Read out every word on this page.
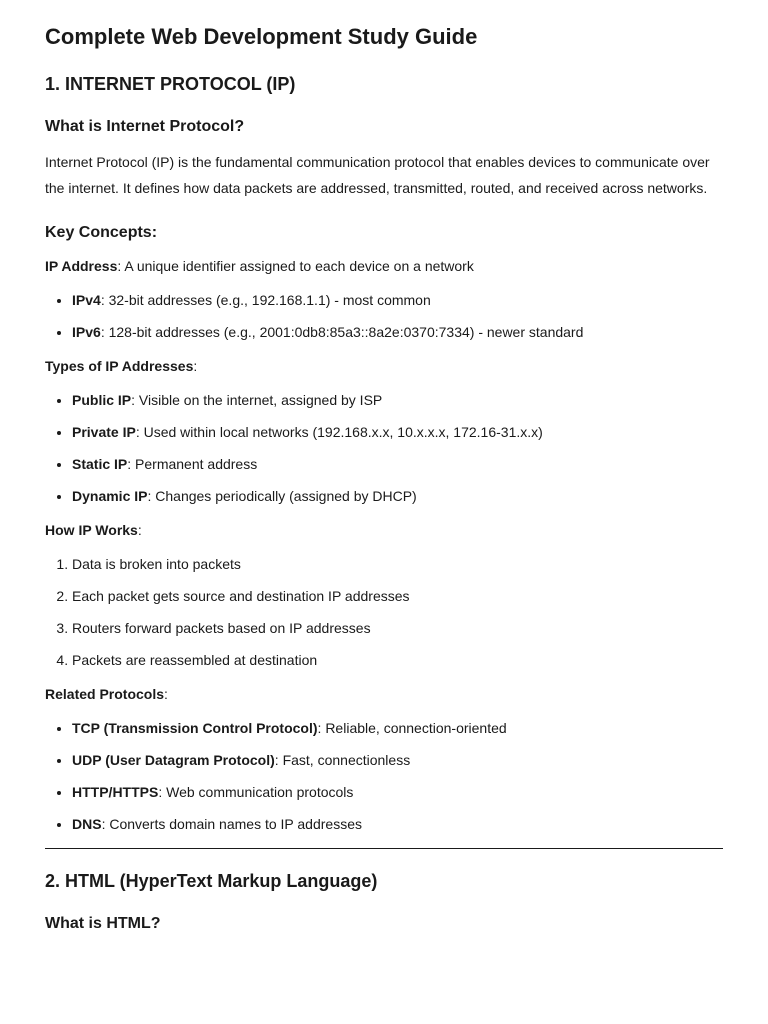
Complete Web Development Study Guide
1. INTERNET PROTOCOL (IP)
What is Internet Protocol?

Internet Protocol (IP) is the fundamental communication protocol that enables devices to communicate over the internet. It defines how data packets are addressed, transmitted, routed, and received across networks.

Key Concepts:

IP Address: A unique identifier assigned to each device on a network

• IPv4: 32-bit addresses (e.g., 192.168.1.1) - most common
• IPv6: 128-bit addresses (e.g., 2001:0db8:85a3::8a2e:0370:7334) - newer standard

Types of IP Addresses:

• Public IP: Visible on the internet, assigned by ISP
• Private IP: Used within local networks (192.168.x.x, 10.x.x.x, 172.16-31.x.x)
• Static IP: Permanent address
• Dynamic IP: Changes periodically (assigned by DHCP)

How IP Works:

1. Data is broken into packets
2. Each packet gets source and destination IP addresses
3. Routers forward packets based on IP addresses
4. Packets are reassembled at destination

Related Protocols:

• TCP (Transmission Control Protocol): Reliable, connection-oriented
• UDP (User Datagram Protocol): Fast, connectionless
• HTTP/HTTPS: Web communication protocols
• DNS: Converts domain names to IP addresses
2. HTML (HyperText Markup Language)
What is HTML?
